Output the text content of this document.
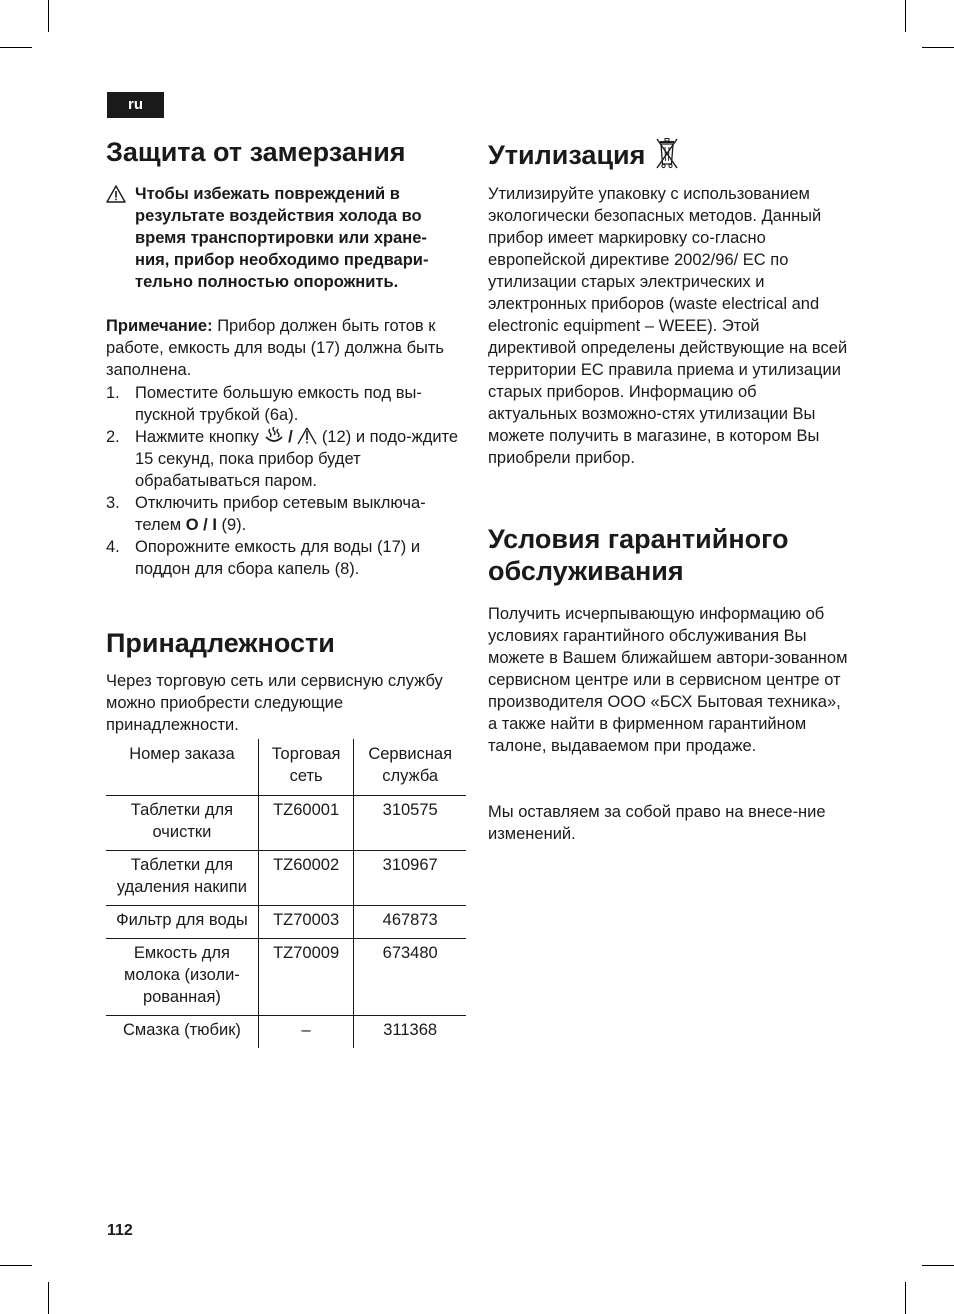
ru
Защита от замерзания
Чтобы избежать повреждений в
результате воздействия холода во
время транспортировки или хране-
ния, прибор необходимо предвари-
тельно полностью опорожнить.

Примечание: Прибор должен быть готов к работе, емкость для воды (17) должна быть заполнена.

1. Поместите большую емкость под вы-пускной трубкой (6a).
2. Нажмите кнопку / (12) и подо-ждите 15 секунд, пока прибор будет обрабатываться паром.
3. Отключить прибор сетевым выключа-телем O / I (9).
4. Опорожните емкость для воды (17) и поддон для сбора капель (8).
Принадлежности

Через торговую сеть или сервисную службу можно приобрести следующие принадлежности.

Номер заказа	Торговая сеть	Сервисная служба
Таблетки для очистки	TZ60001	310575
Таблетки для удаления накипи	TZ60002	310967
Фильтр для воды	TZ70003	467873
Емкость для молока (изоли-рованная)	TZ70009	673480
Смазка (тюбик)	–	311368
Утилизация

Утилизируйте упаковку с использованием экологически безопасных методов. Данный прибор имеет маркировку со-гласно европейской директиве 2002/96/ ЕС по утилизации старых электрических и электронных приборов (waste electrical and electronic equipment – WEEE). Этой директивой определены действующие на всей территории ЕС правила приема и утилизации старых приборов. Информацию об актуальных возможно-стях утилизации Вы можете получить в магазине, в котором Вы приобрели прибор.

Условия гарантийного
обслуживания

Получить исчерпывающую информацию об условиях гарантийного обслуживания Вы можете в Вашем ближайшем автори-зованном сервисном центре или в сервисном центре от производителя ООО «БСХ Бытовая техника», а также найти в фирменном гарантийном талоне, выдаваемом при продаже.

Мы оставляем за собой право на внесе-ние изменений.

112
